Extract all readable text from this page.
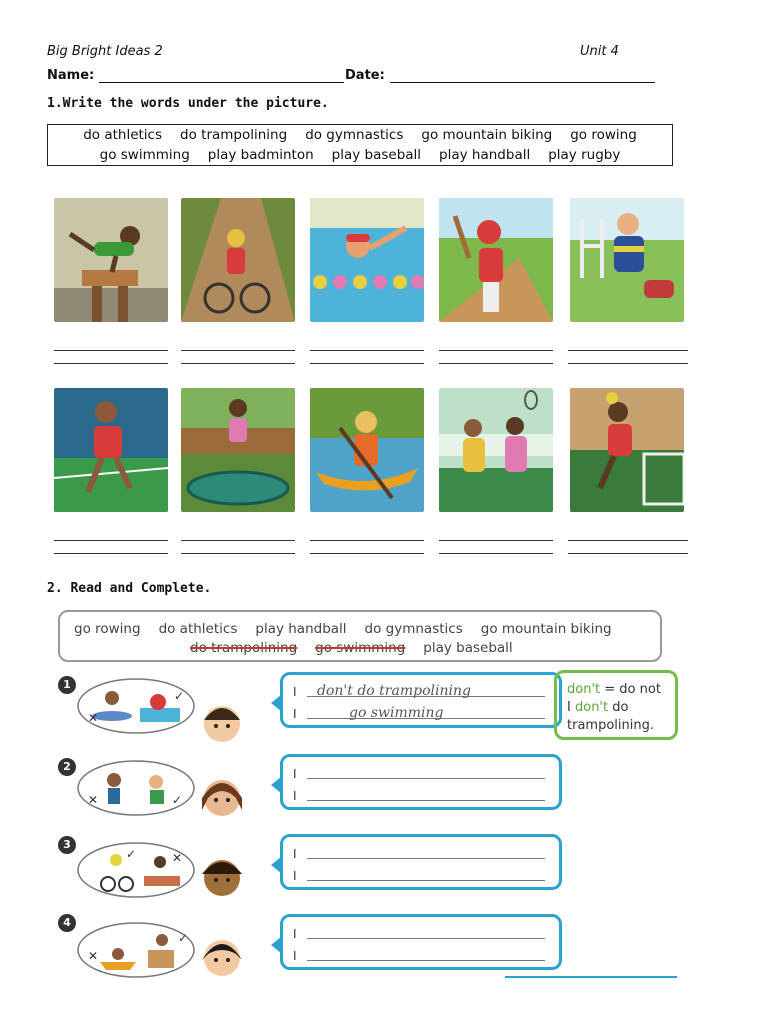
Big Bright Ideas 2	Unit 4
Name:	Date:
1.Write the words under the picture.
do athletics do trampolining do gymnastics go mountain biking go rowing
go swimming play badminton play baseball play handball play rugby
2. Read and Complete.
go rowing do athletics play handball do gymnastics go mountain biking
do trampolining go swimming play baseball
1
✕
✓	I don't do trampolining
I	go swimming
don't = do not
I don't do
trampolining.
2
✕	✓
I
I
3
✓	✕	I
I
4
✕
✓	I
I
